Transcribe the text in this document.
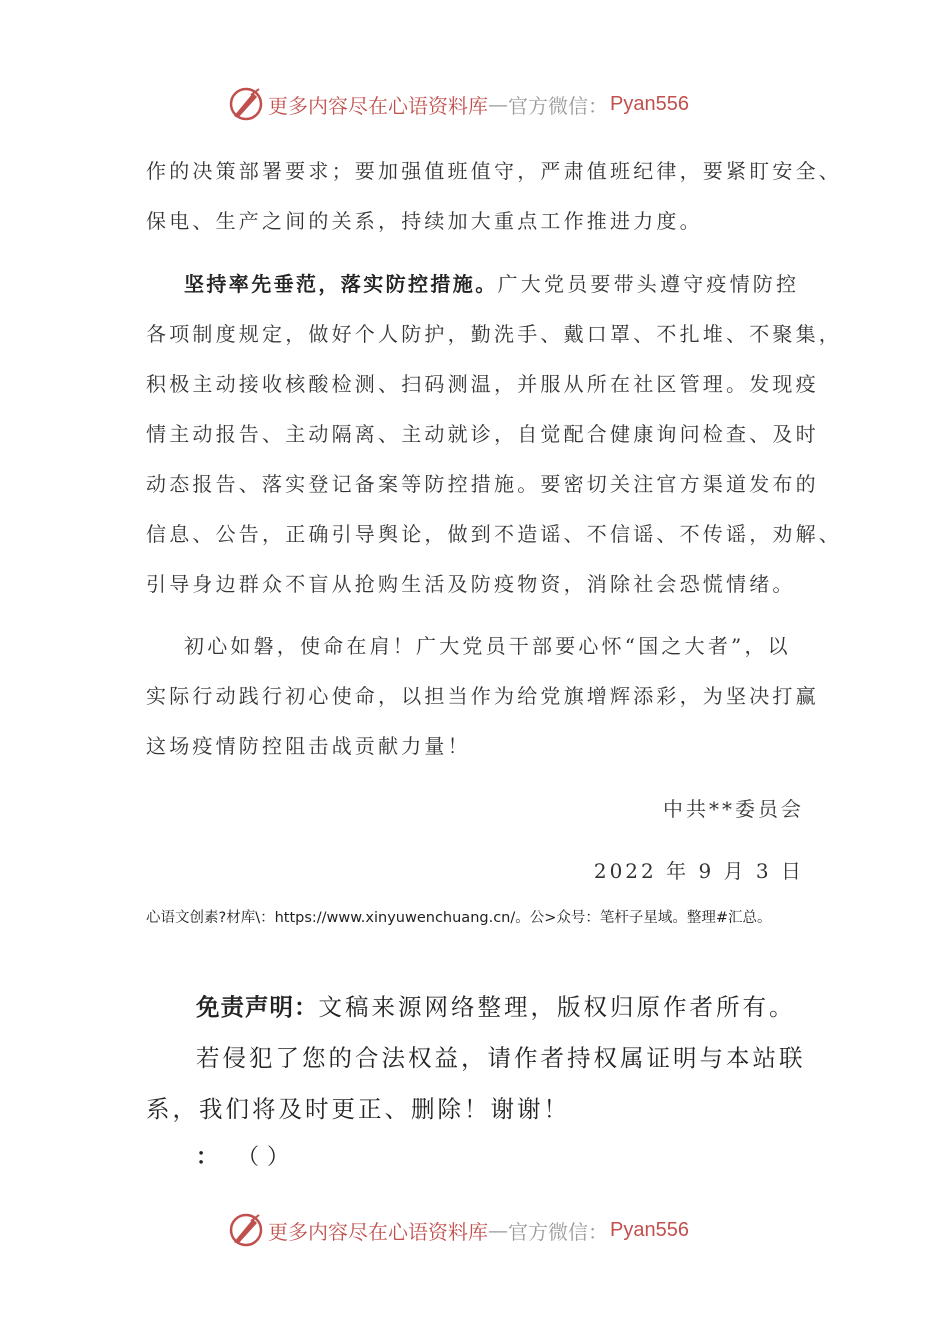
更多内容尽在心语资料库 — 官方微信： Pyan556
作的决策部署要求；要加强值班值守，严肃值班纪律，要紧盯安全、
保电、生产之间的关系，持续加大重点工作推进力度。
坚持率先垂范，落实防控措施。广大党员要带头遵守疫情防控
各项制度规定，做好个人防护，勤洗手、戴口罩、不扎堆、不聚集，
积极主动接收核酸检测、扫码测温，并服从所在社区管理。发现疫
情主动报告、主动隔离、主动就诊，自觉配合健康询问检查、及时
动态报告、落实登记备案等防控措施。要密切关注官方渠道发布的
信息、公告，正确引导舆论，做到不造谣、不信谣、不传谣，劝解、
引导身边群众不盲从抢购生活及防疫物资，消除社会恐慌情绪。
初心如磐，使命在肩！广大党员干部要心怀“国之大者”，以
实际行动践行初心使命，以担当作为给党旗增辉添彩，为坚决打赢
这场疫情防控阻击战贡献力量！
中共**委员会
2022 年 9 月 3 日
心语文创素?材库\：https://www.xinyuwenchuang.cn/。公>众号：笔杆子星域。整理#汇总。
免责声明：文稿来源网络整理，版权归原作者所有。
若侵犯了您的合法权益，请作者持权属证明与本站联
系，我们将及时更正、删除！谢谢！
： （）
更多内容尽在心语资料库 — 官方微信： Pyan556
